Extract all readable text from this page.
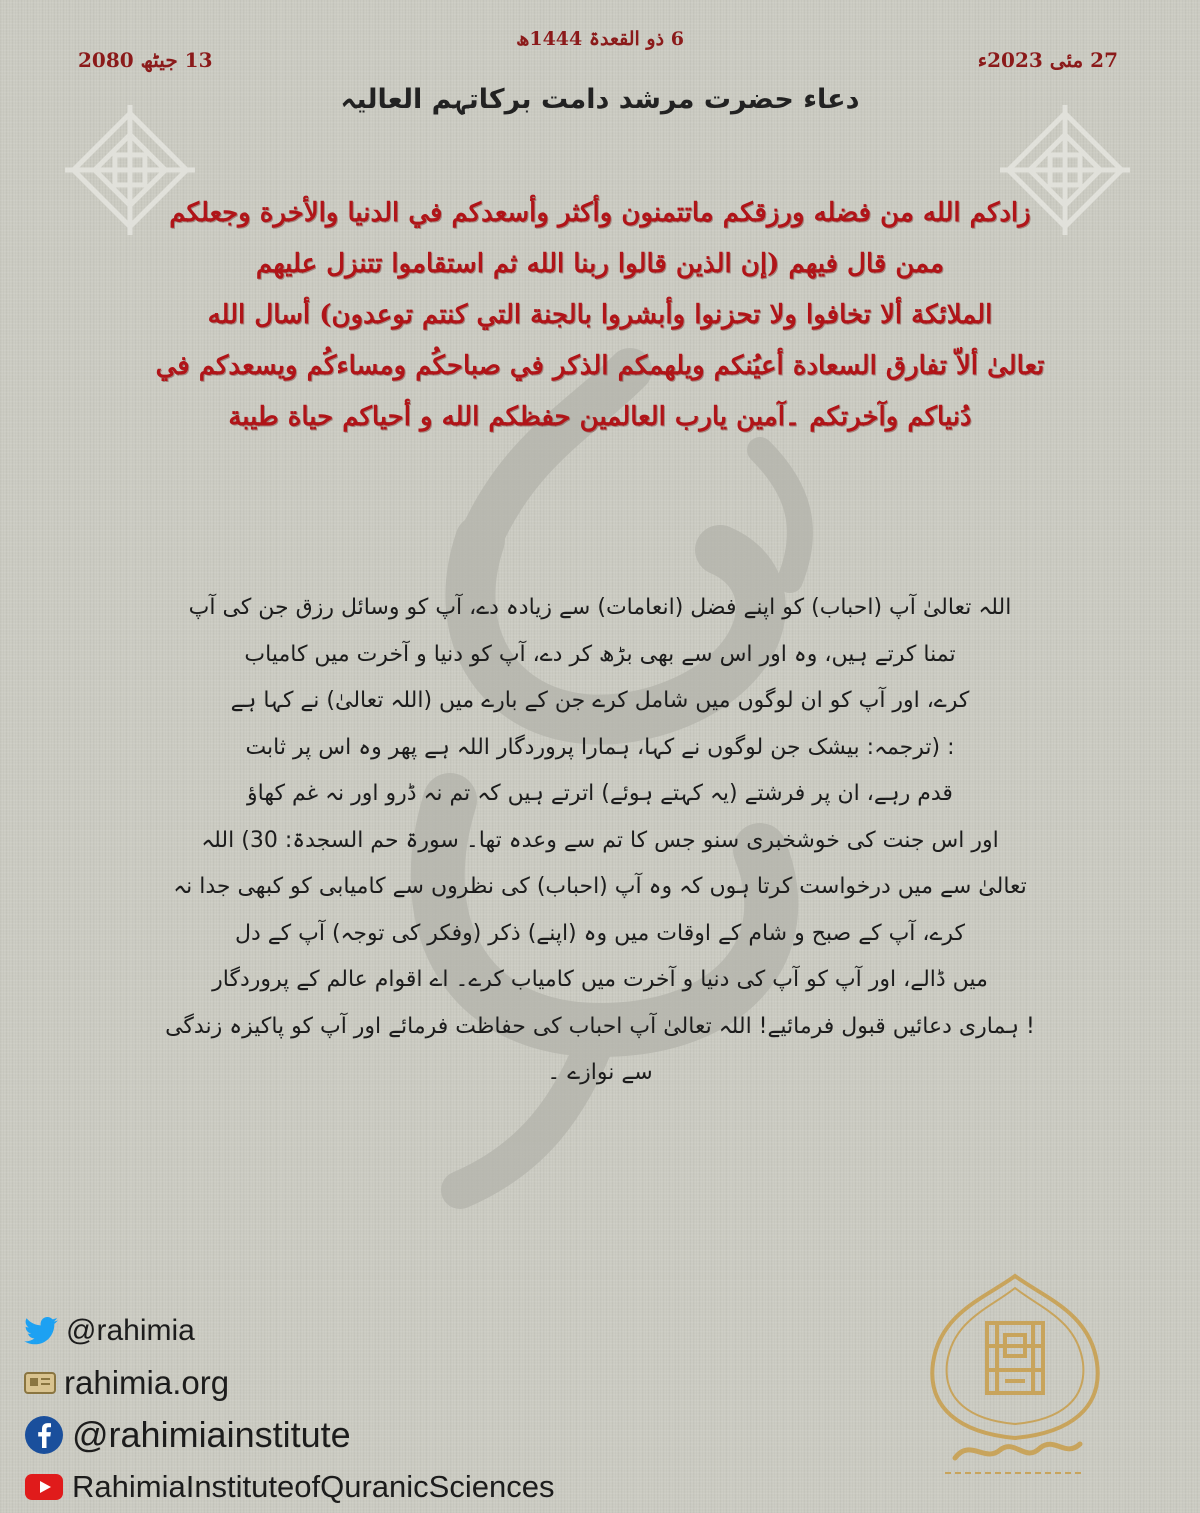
13 جیٹھ 2080
6 ذو القعدۃ 1444ھ
27 مئی 2023ء
دعاء حضرت مرشد دامت برکاتہم العالیہ
زادکم الله من فضله ورزقکم ماتتمنون وأكثر وأسعدکم في الدنيا والأخرة وجعلكم
ممن قال فيهم (إن الذين قالوا ربنا الله ثم استقاموا تتنزل عليهم
الملائكة ألا تخافوا ولا تحزنوا وأبشروا بالجنة التي كنتم توعدون) أسال الله
تعالیٰ ألاّ تفارق السعادة أعيُنكم ويلهمكم الذكر في صباحكُم ومساءكُم ويسعدكم في
دُنياكم وآخرتكم ۔آمين يارب العالمين حفظكم الله و أحياكم حياة طيبة
اللہ تعالیٰ آپ (احباب) کو اپنے فضل (انعامات) سے زیادہ دے، آپ کو وسائل رزق جن کی آپ
تمنا کرتے ہیں، وہ اور اس سے بھی بڑھ کر دے، آپ کو دنیا و آخرت میں کامیاب
کرے، اور آپ کو ان لوگوں میں شامل کرے جن کے بارے میں (اللہ تعالیٰ) نے کہا ہے
: (ترجمہ: بیشک جن لوگوں نے کہا، ہمارا پروردگار اللہ ہے پھر وہ اس پر ثابت
قدم رہے، ان پر فرشتے (یہ کہتے ہوئے) اترتے ہیں کہ تم نہ ڈرو اور نہ غم کھاؤ
اور اس جنت کی خوشخبری سنو جس کا تم سے وعدہ تھا۔ سورۃ حم السجدۃ: 30) اللہ
تعالیٰ سے میں درخواست کرتا ہوں کہ وہ آپ (احباب) کی نظروں سے کامیابی کو کبھی جدا نہ
کرے، آپ کے صبح و شام کے اوقات میں وہ (اپنے) ذکر (وفکر کی توجہ) آپ کے دل
میں ڈالے، اور آپ کو آپ کی دنیا و آخرت میں کامیاب کرے۔ اے اقوام عالم کے پروردگار
! ہماری دعائیں قبول فرمائیے! اللہ تعالیٰ آپ احباب کی حفاظت فرمائے اور آپ کو پاکیزہ زندگی
سے نوازے ۔
@rahimia
rahimia.org
@rahimiainstitute
RahimiaInstituteofQuranicSciences
